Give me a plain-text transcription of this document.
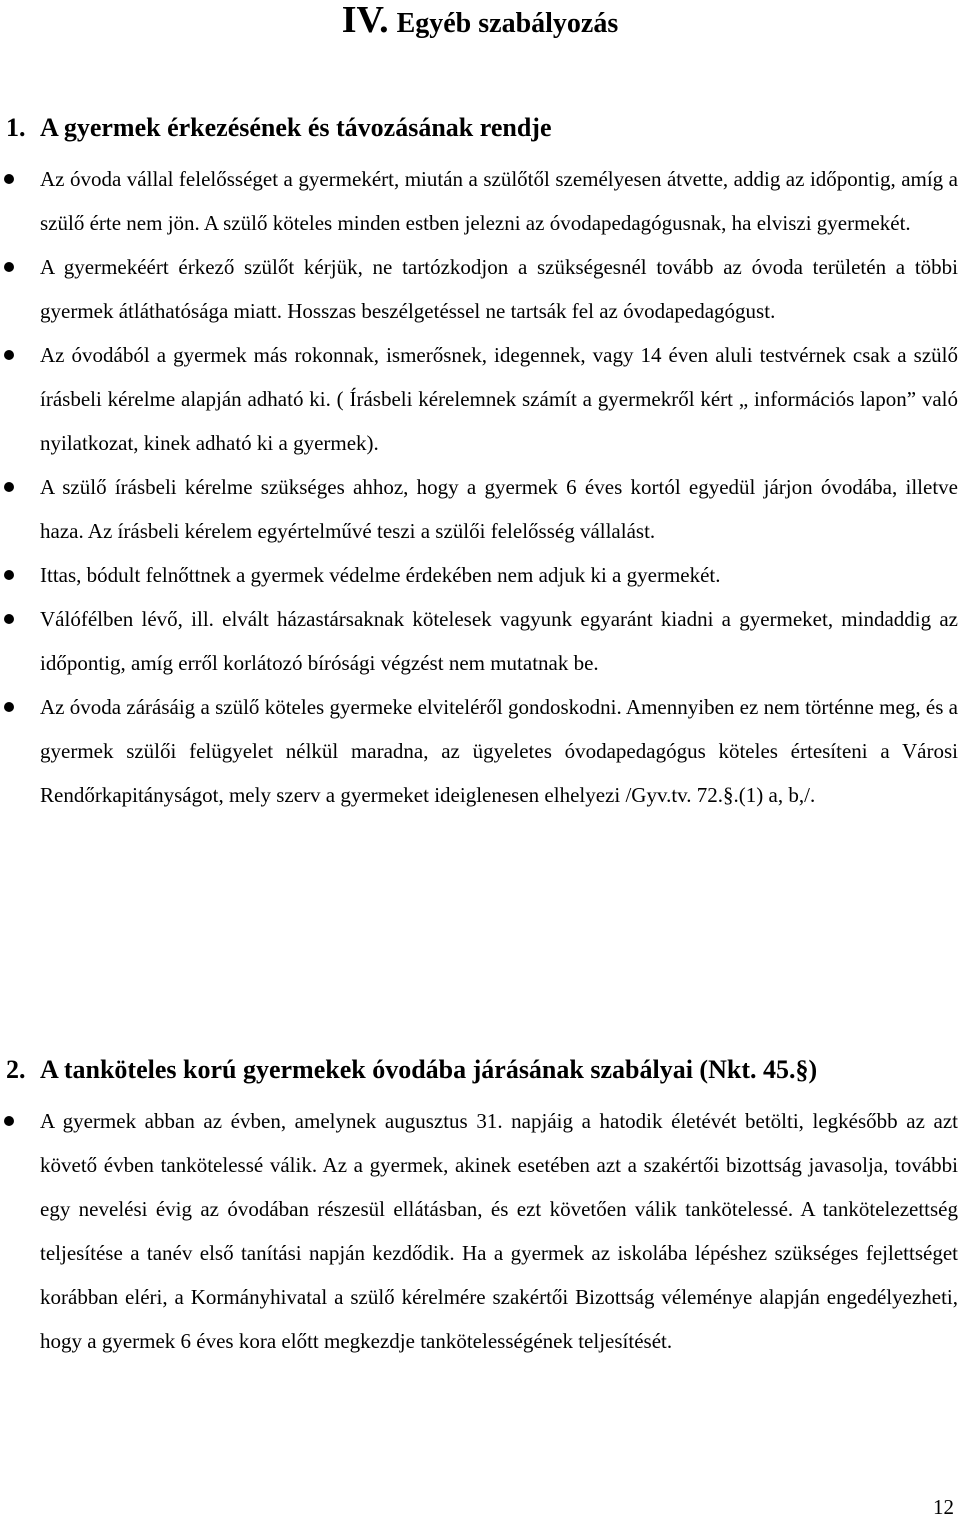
IV. Egyéb szabályozás
1. A gyermek érkezésének és távozásának rendje
Az óvoda vállal felelősséget a gyermekért, miután a szülőtől személyesen átvette, addig az időpontig, amíg a szülő érte nem jön. A szülő köteles minden estben jelezni az óvodapedagógusnak, ha elviszi gyermekét.
A gyermekéért érkező szülőt kérjük, ne tartózkodjon a szükségesnél tovább az óvoda területén a többi gyermek átláthatósága miatt. Hosszas beszélgetéssel ne tartsák fel az óvodapedagógust.
Az óvodából a gyermek más rokonnak, ismerősnek, idegennek, vagy 14 éven aluli testvérnek csak a szülő írásbeli kérelme alapján adható ki. ( Írásbeli kérelemnek számít a gyermekről kért „ információs lapon” való nyilatkozat, kinek adható ki a gyermek).
A szülő írásbeli kérelme szükséges ahhoz, hogy a gyermek 6 éves kortól egyedül járjon óvodába, illetve haza. Az írásbeli kérelem egyértelművé teszi a szülői felelősség vállalást.
Ittas, bódult felnőttnek a gyermek védelme érdekében nem adjuk ki a gyermekét.
Válófélben lévő, ill. elvált házastársaknak kötelesek vagyunk egyaránt kiadni a gyermeket, mindaddig az időpontig, amíg erről korlátozó bírósági végzést nem mutatnak be.
Az óvoda zárásáig a szülő köteles gyermeke elviteléről gondoskodni. Amennyiben ez nem történne meg, és a gyermek szülői felügyelet nélkül maradna, az ügyeletes óvodapedagógus köteles értesíteni a Városi Rendőrkapitányságot, mely szerv a gyermeket ideiglenesen elhelyezi /Gyv.tv. 72.§.(1) a, b,/.
2. A tanköteles korú gyermekek óvodába járásának szabályai (Nkt. 45.§)
A gyermek abban az évben, amelynek augusztus 31. napjáig a hatodik életévét betölti, legkésőbb az azt követő évben tankötelessé válik. Az a gyermek, akinek esetében azt a szakértői bizottság javasolja, további egy nevelési évig az óvodában részesül ellátásban, és ezt követően válik tankötelessé. A tankötelezettség teljesítése a tanév első tanítási napján kezdődik. Ha a gyermek az iskolába lépéshez szükséges fejlettséget korábban eléri, a Kormányhivatal a szülő kérelmére szakértői Bizottság véleménye alapján engedélyezheti, hogy a gyermek 6 éves kora előtt megkezdje tankötelességének teljesítését.
12
